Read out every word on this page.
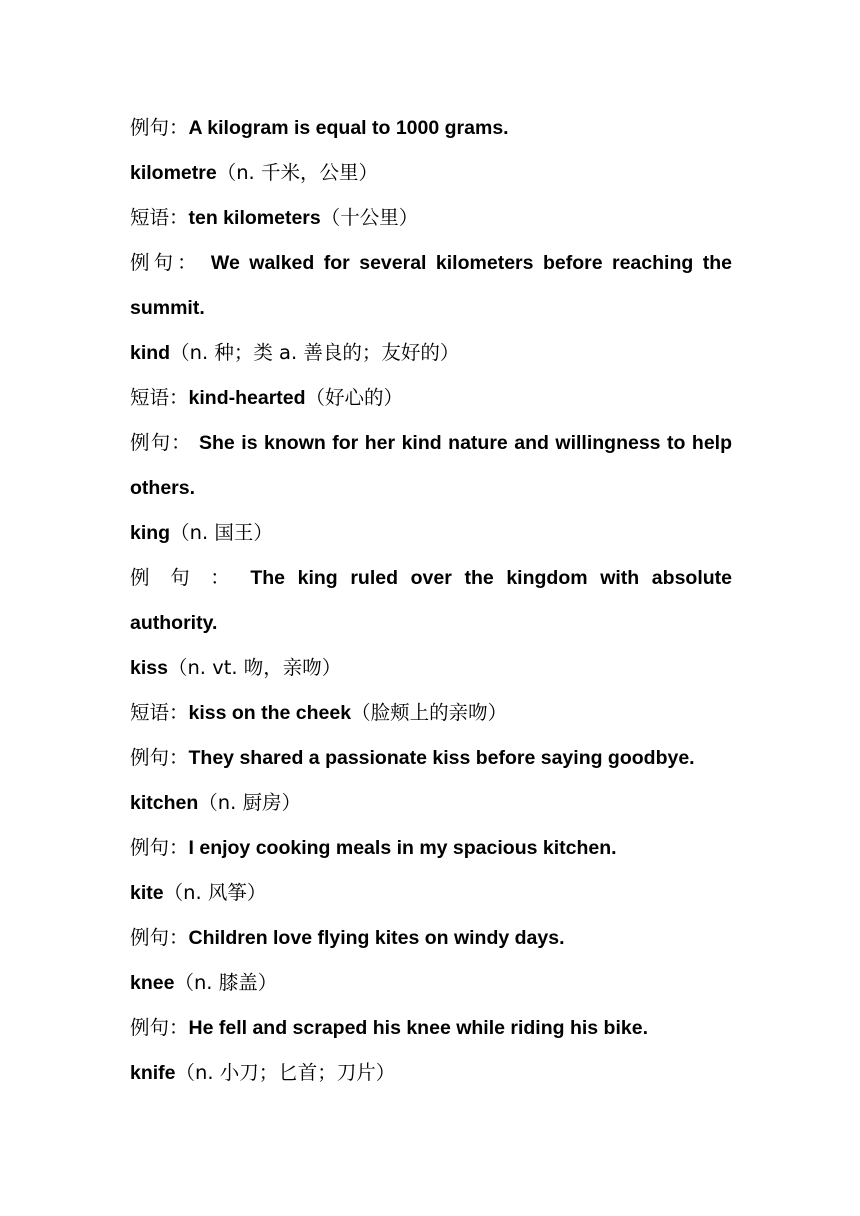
例句：A kilogram is equal to 1000 grams.
kilometre（n. 千米，公里）
短语：ten kilometers（十公里）
例句： We walked for several kilometers before reaching the
summit.
kind（n. 种；类 a. 善良的；友好的）
短语：kind-hearted（好心的）
例句： She is known for her kind nature and willingness to help
others.
king（n. 国王）
例 句 ： The king ruled over the kingdom with absolute
authority.
kiss（n. vt. 吻，亲吻）
短语：kiss on the cheek（脸颊上的亲吻）
例句：They shared a passionate kiss before saying goodbye.
kitchen（n. 厨房）
例句：I enjoy cooking meals in my spacious kitchen.
kite（n. 风筝）
例句：Children love flying kites on windy days.
knee（n. 膝盖）
例句：He fell and scraped his knee while riding his bike.
knife（n. 小刀；匕首；刀片）
